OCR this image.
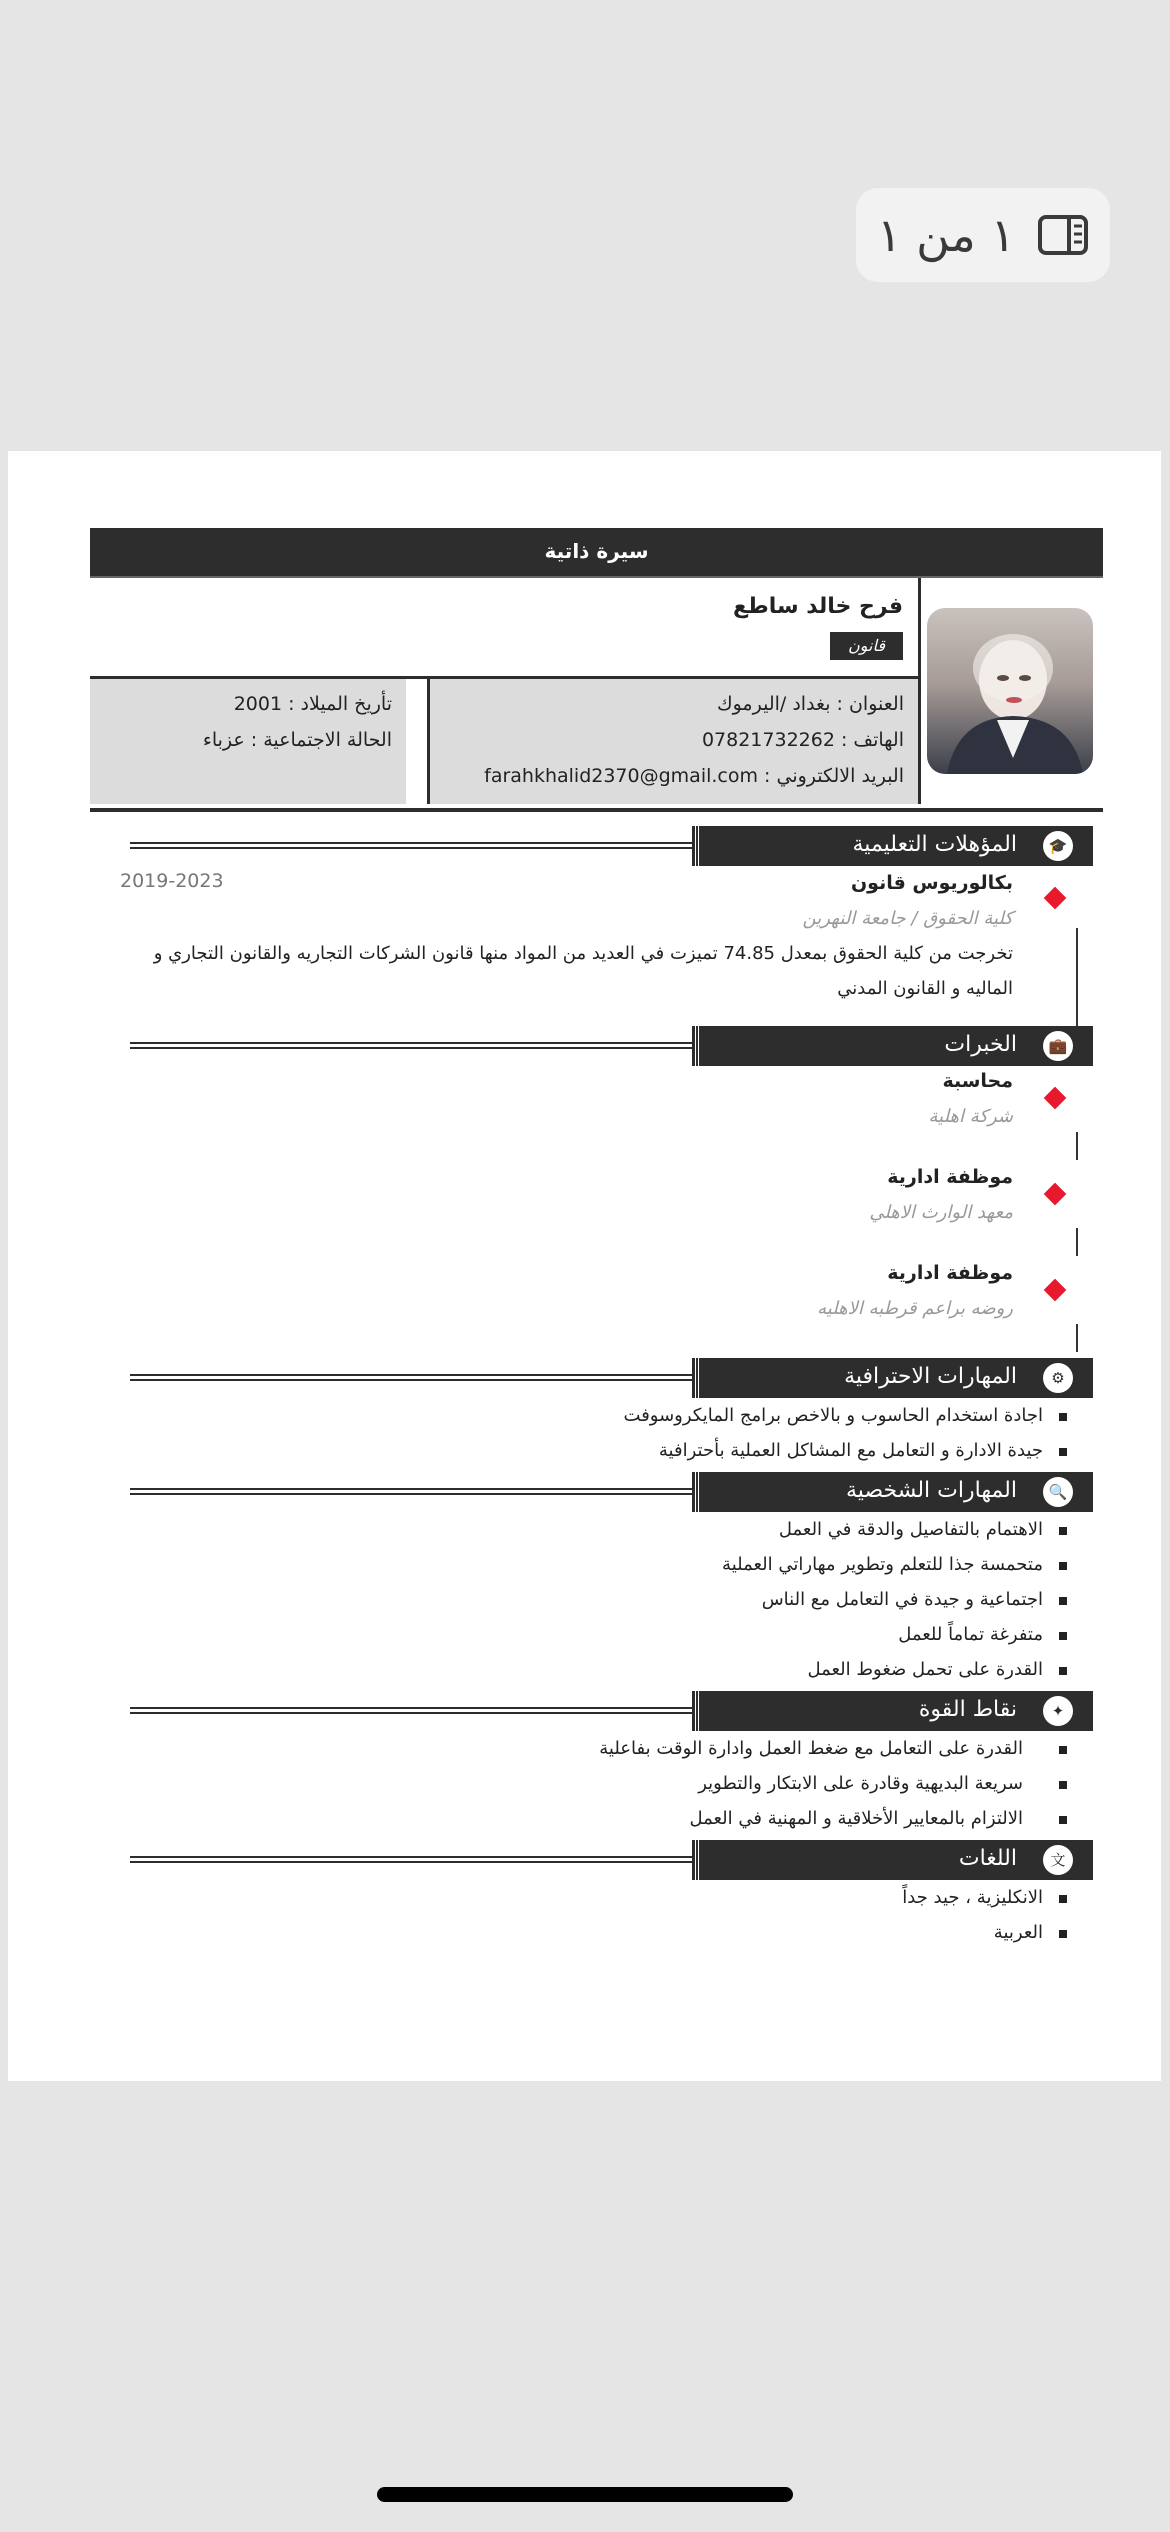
١ من ١
سيرة ذاتية
فرح خالد ساطع
قانون
العنوان : بغداد /اليرموك
الهاتف : 07821732262
البريد الالكتروني : farahkhalid2370@gmail.com
تأريخ الميلاد : 2001
الحالة الاجتماعية : عزباء
🎓
المؤهلات التعليمية
بكالوريوس قانون
كلية الحقوق / جامعة النهرين
2019-2023
تخرجت من كلية الحقوق بمعدل 74.85 تميزت في العديد من المواد منها قانون الشركات التجاريه والقانون التجاري و الماليه و القانون المدني
💼
الخبرات
محاسبة
شركة اهلية
موظفة ادارية
معهد الوارث الاهلي
موظفة ادارية
روضه براعم قرطبه الاهليه
⚙
المهارات الاحترافية
اجادة استخدام الحاسوب و بالاخص برامج المايكروسوفت
جيدة الادارة و التعامل مع المشاكل العملية بأحترافية
🔍
المهارات الشخصية
الاهتمام بالتفاصيل والدقة في العمل
متحمسة جذا للتعلم وتطوير مهاراتي العملية
اجتماعية و جيدة في التعامل مع الناس
متفرغة تماماً للعمل
القدرة على تحمل ضغوط العمل
✦
نقاط القوة
القدرة على التعامل مع ضغط العمل وادارة الوقت بفاعلية
سريعة البديهية وقادرة على الابتكار والتطوير
الالتزام بالمعايير الأخلاقية و المهنية في العمل
文
اللغات
الانكليزية ، جيد جداً
العربية
